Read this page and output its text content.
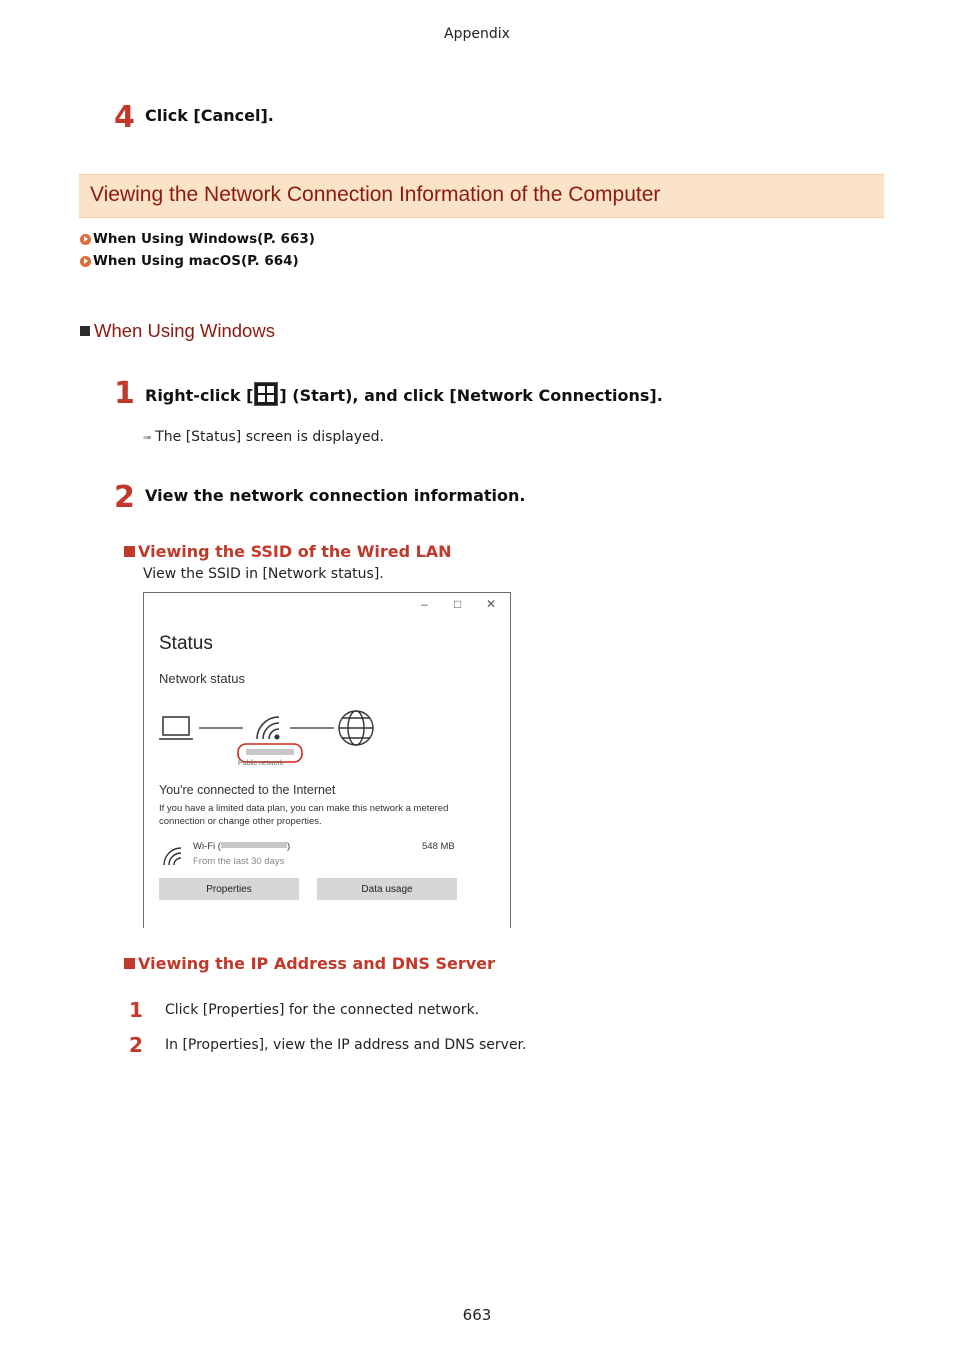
Appendix
4 Click [Cancel].
Viewing the Network Connection Information of the Computer
When Using Windows(P. 663)
When Using macOS(P. 664)
When Using Windows
1 Right-click [ ] (Start), and click [Network Connections].
➠ The [Status] screen is displayed.
2 View the network connection information.
Viewing the SSID of the Wired LAN
View the SSID in [Network status].
– □ ✕
Status
Network status
Public network
You're connected to the Internet
If you have a limited data plan, you can make this network a metered connection or change other properties.
Wi-Fi (	)
From the last 30 days
548 MB
Properties	Data usage
Viewing the IP Address and DNS Server
1 Click [Properties] for the connected network.
2 In [Properties], view the IP address and DNS server.
663
